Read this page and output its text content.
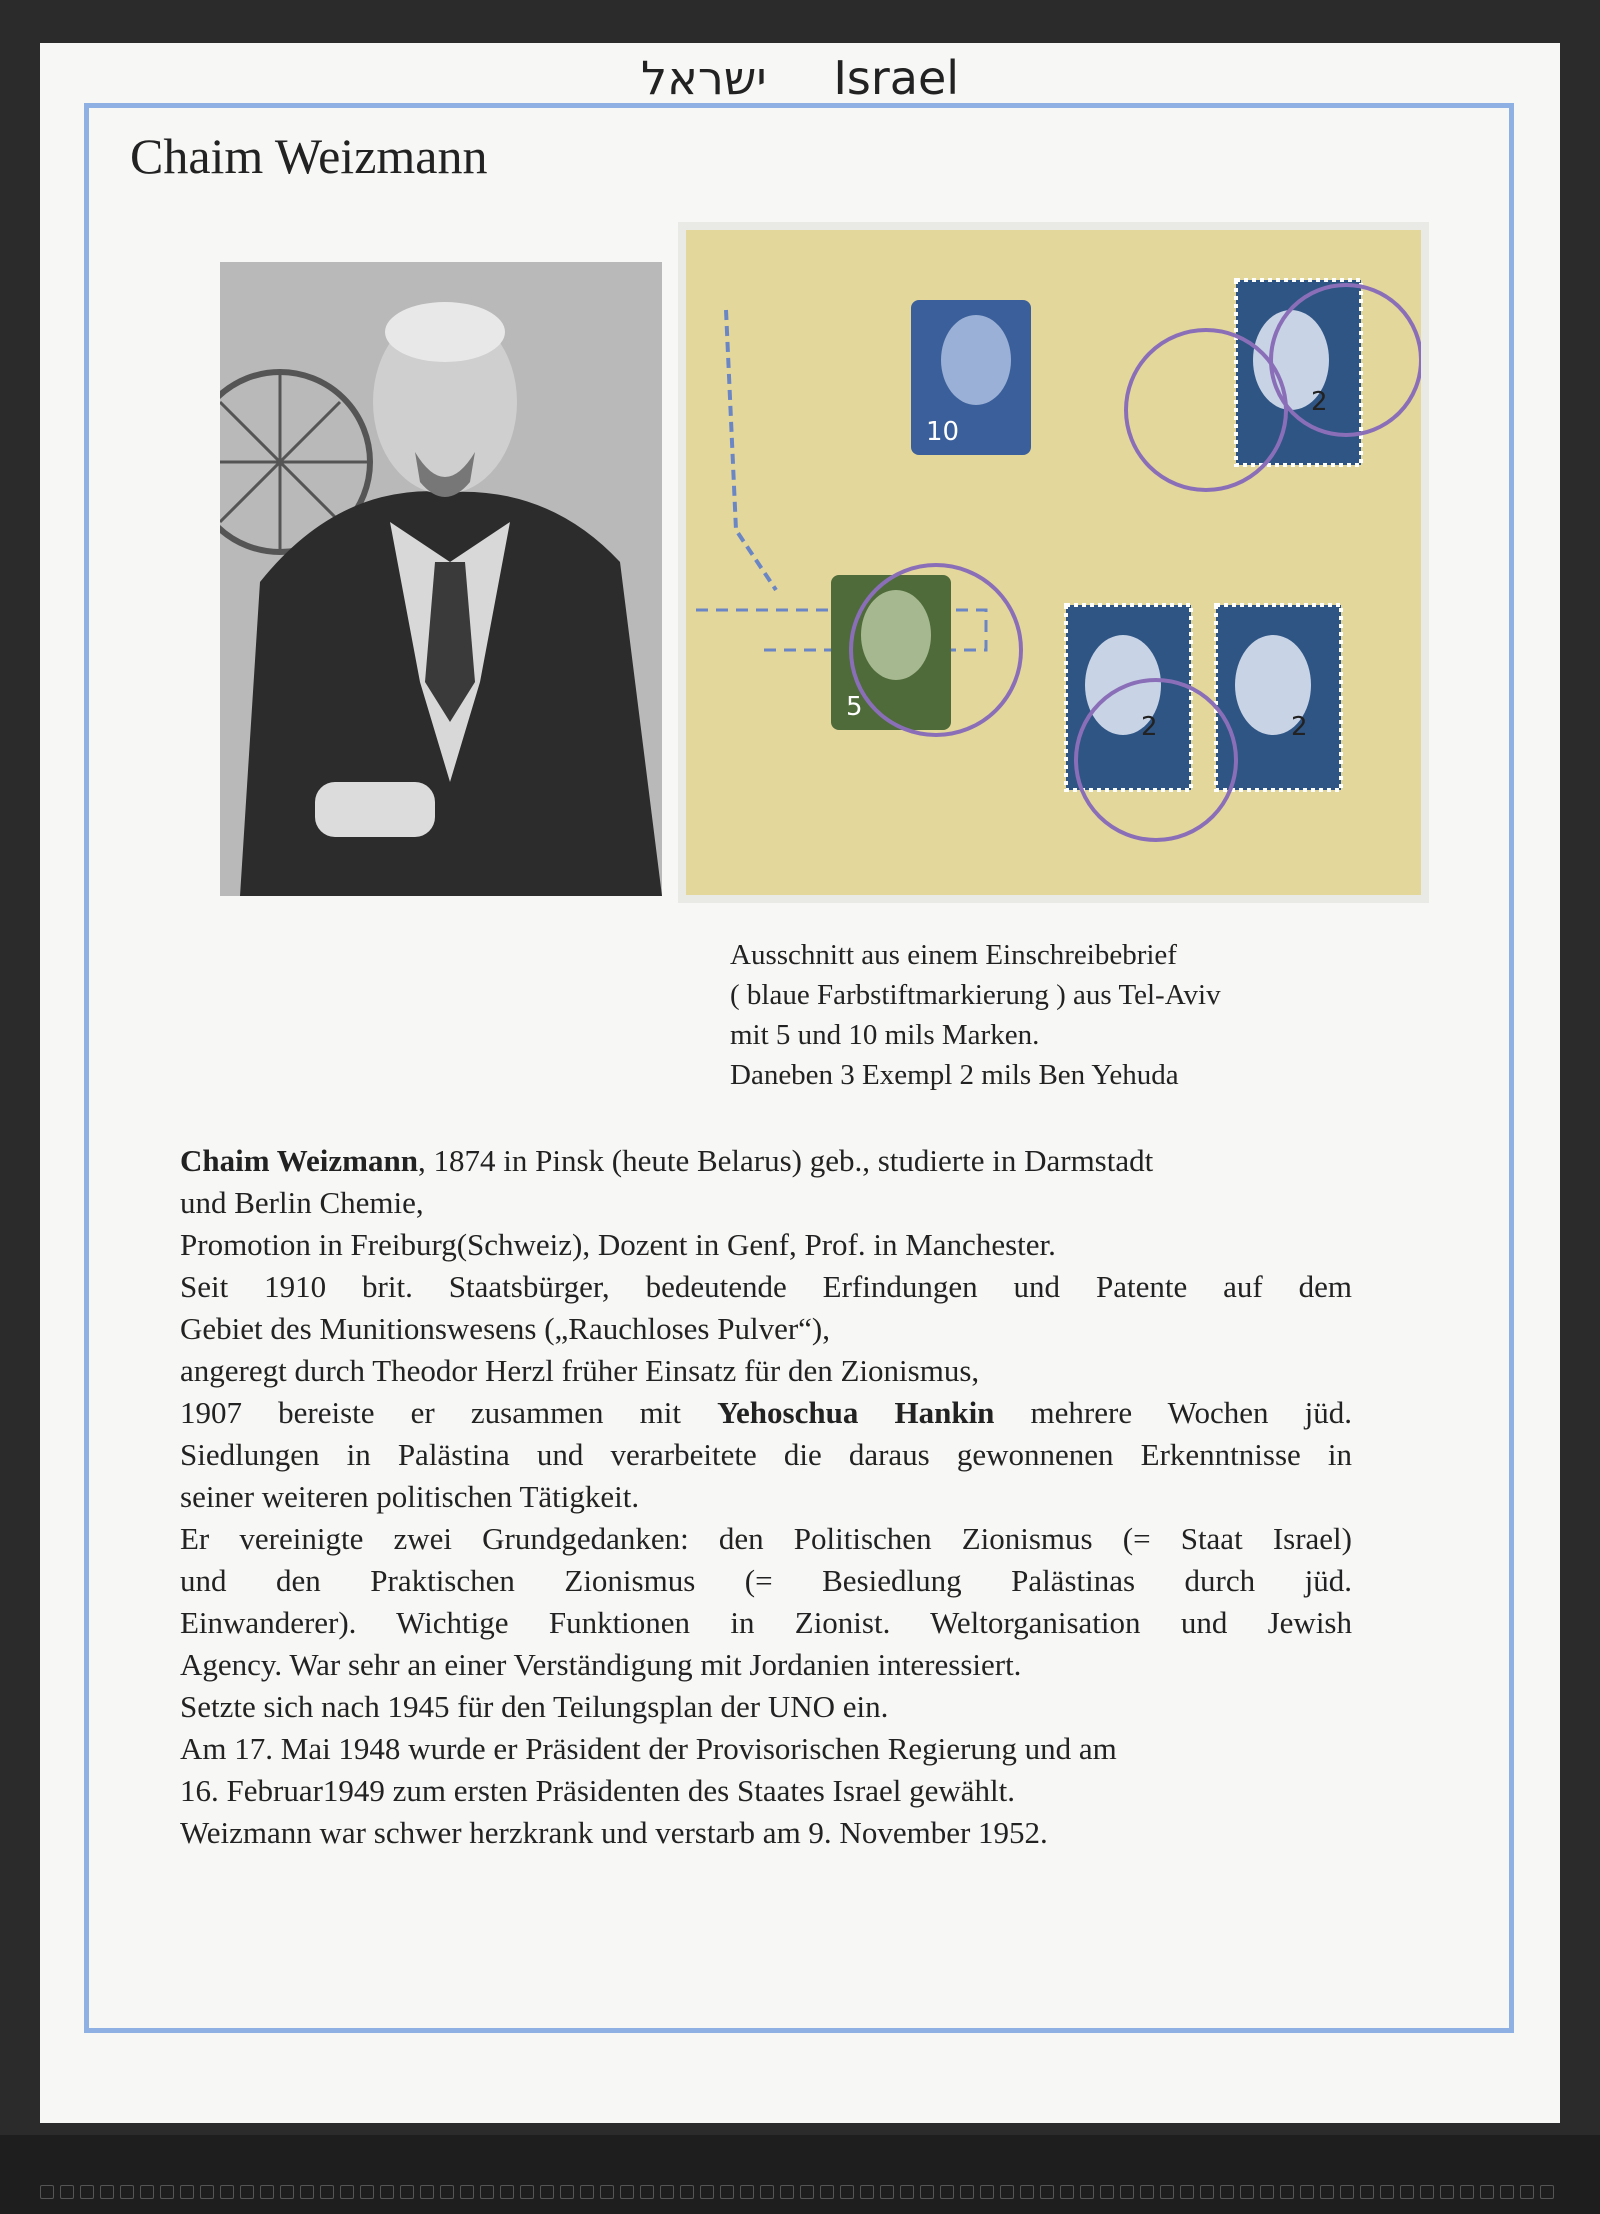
ישראל Israel
Chaim Weizmann
10
5
2
2	2
Ausschnitt aus einem Einschreibebrief
( blaue Farbstiftmarkierung ) aus Tel-Aviv
mit 5 und 10 mils Marken.
Daneben 3 Exempl 2 mils Ben Yehuda
Chaim Weizmann, 1874 in Pinsk (heute Belarus) geb., studierte in Darmstadt
und Berlin Chemie,
Promotion in Freiburg(Schweiz), Dozent in Genf, Prof. in Manchester.
Seit 1910 brit. Staatsbürger, bedeutende Erfindungen und Patente auf dem
Gebiet des Munitionswesens („Rauchloses Pulver“),
angeregt durch Theodor Herzl früher Einsatz für den Zionismus,
1907 bereiste er zusammen mit Yehoschua Hankin mehrere Wochen jüd.
Siedlungen in Palästina und verarbeitete die daraus gewonnenen Erkenntnisse in
seiner weiteren politischen Tätigkeit.
Er vereinigte zwei Grundgedanken: den Politischen Zionismus (= Staat Israel)
und den Praktischen Zionismus (= Besiedlung Palästinas durch jüd.
Einwanderer). Wichtige Funktionen in Zionist. Weltorganisation und Jewish
Agency. War sehr an einer Verständigung mit Jordanien interessiert.
Setzte sich nach 1945 für den Teilungsplan der UNO ein.
Am 17. Mai 1948 wurde er Präsident der Provisorischen Regierung und am
16. Februar1949 zum ersten Präsidenten des Staates Israel gewählt.
Weizmann war schwer herzkrank und verstarb am 9. November 1952.
